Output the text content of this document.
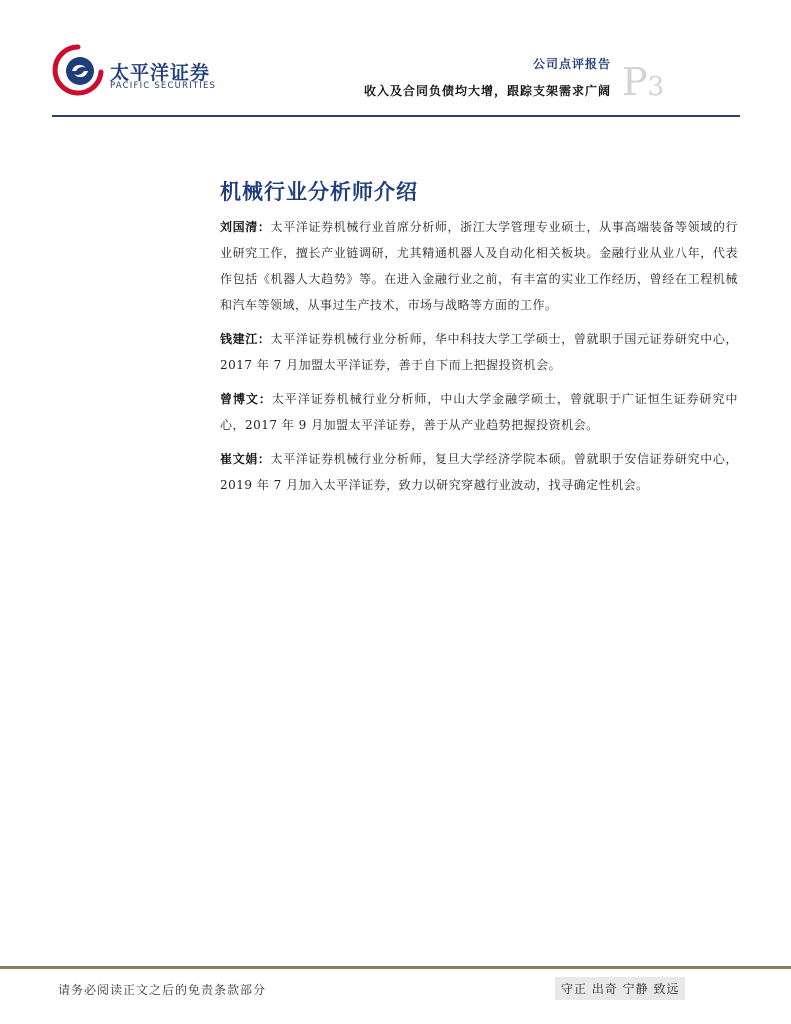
太平洋证券
PACIFIC SECURITIES
公司点评报告
收入及合同负债均大增，跟踪支架需求广阔 P3
机械行业分析师介绍

刘国清：太平洋证券机械行业首席分析师，浙江大学管理专业硕士，从事高端装备等领域的行业研究工作，擅长产业链调研，尤其精通机器人及自动化相关板块。金融行业从业八年，代表作包括《机器人大趋势》等。在进入金融行业之前，有丰富的实业工作经历，曾经在工程机械和汽车等领域，从事过生产技术，市场与战略等方面的工作。

钱建江：太平洋证券机械行业分析师，华中科技大学工学硕士，曾就职于国元证券研究中心，2017 年 7 月加盟太平洋证券，善于自下而上把握投资机会。

曾博文：太平洋证券机械行业分析师，中山大学金融学硕士，曾就职于广证恒生证券研究中心，2017 年 9 月加盟太平洋证券，善于从产业趋势把握投资机会。

崔文娟：太平洋证券机械行业分析师，复旦大学经济学院本硕。曾就职于安信证券研究中心，2019 年 7 月加入太平洋证券，致力以研究穿越行业波动，找寻确定性机会。

请务必阅读正文之后的免责条款部分	守正 出奇 宁静 致远
